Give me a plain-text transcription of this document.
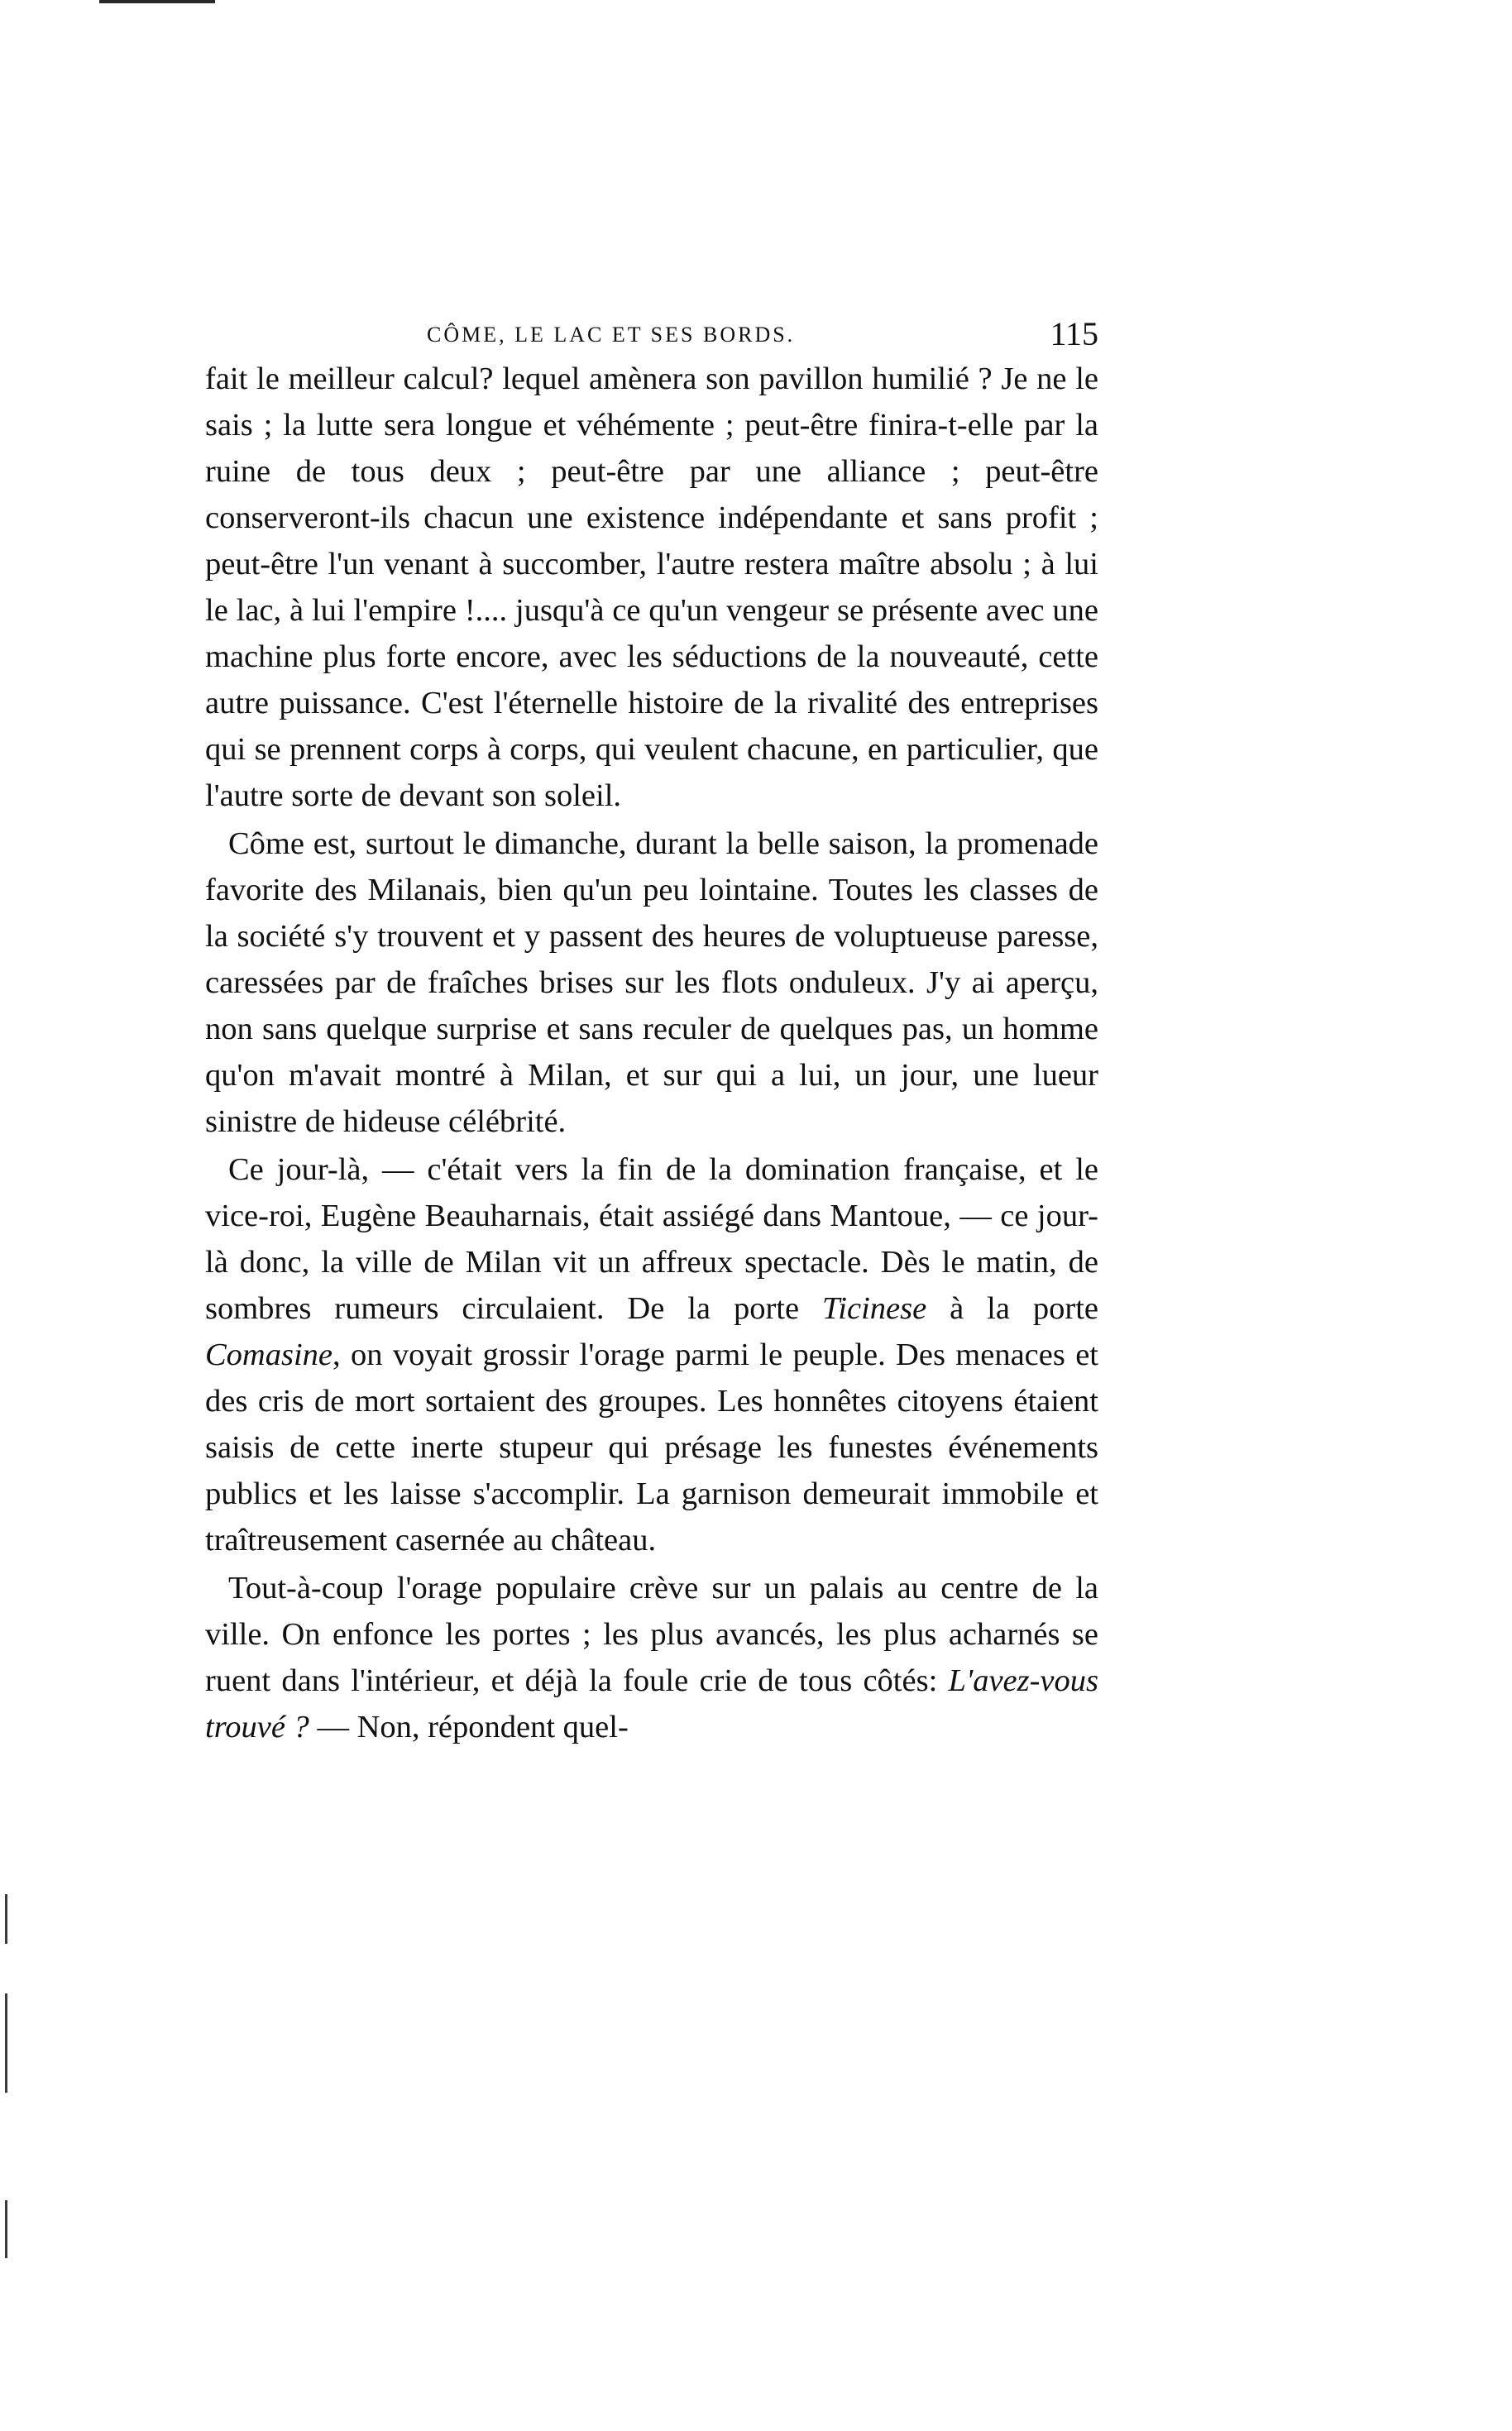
CÔME, LE LAC ET SES BORDS.	115

fait le meilleur calcul? lequel amènera son pavillon humilié ? Je ne le sais ; la lutte sera longue et véhémente ; peut-être finira-t-elle par la ruine de tous deux ; peut-être par une alliance ; peut-être conserveront-ils chacun une existence indépendante et sans profit ; peut-être l'un venant à succomber, l'autre restera maître absolu ; à lui le lac, à lui l'empire !.... jusqu'à ce qu'un vengeur se présente avec une machine plus forte encore, avec les séductions de la nouveauté, cette autre puissance. C'est l'éternelle histoire de la rivalité des entreprises qui se prennent corps à corps, qui veulent chacune, en particulier, que l'autre sorte de devant son soleil.

Côme est, surtout le dimanche, durant la belle saison, la promenade favorite des Milanais, bien qu'un peu lointaine. Toutes les classes de la société s'y trouvent et y passent des heures de voluptueuse paresse, caressées par de fraîches brises sur les flots onduleux. J'y ai aperçu, non sans quelque surprise et sans reculer de quelques pas, un homme qu'on m'avait montré à Milan, et sur qui a lui, un jour, une lueur sinistre de hideuse célébrité.

Ce jour-là, — c'était vers la fin de la domination française, et le vice-roi, Eugène Beauharnais, était assiégé dans Mantoue, — ce jour-là donc, la ville de Milan vit un affreux spectacle. Dès le matin, de sombres rumeurs circulaient. De la porte Ticinese à la porte Comasine, on voyait grossir l'orage parmi le peuple. Des menaces et des cris de mort sortaient des groupes. Les honnêtes citoyens étaient saisis de cette inerte stupeur qui présage les funestes événements publics et les laisse s'accomplir. La garnison demeurait immobile et traîtreusement casernée au château.

Tout-à-coup l'orage populaire crève sur un palais au centre de la ville. On enfonce les portes ; les plus avancés, les plus acharnés se ruent dans l'intérieur, et déjà la foule crie de tous côtés: L'avez-vous trouvé ? — Non, répondent quel-
